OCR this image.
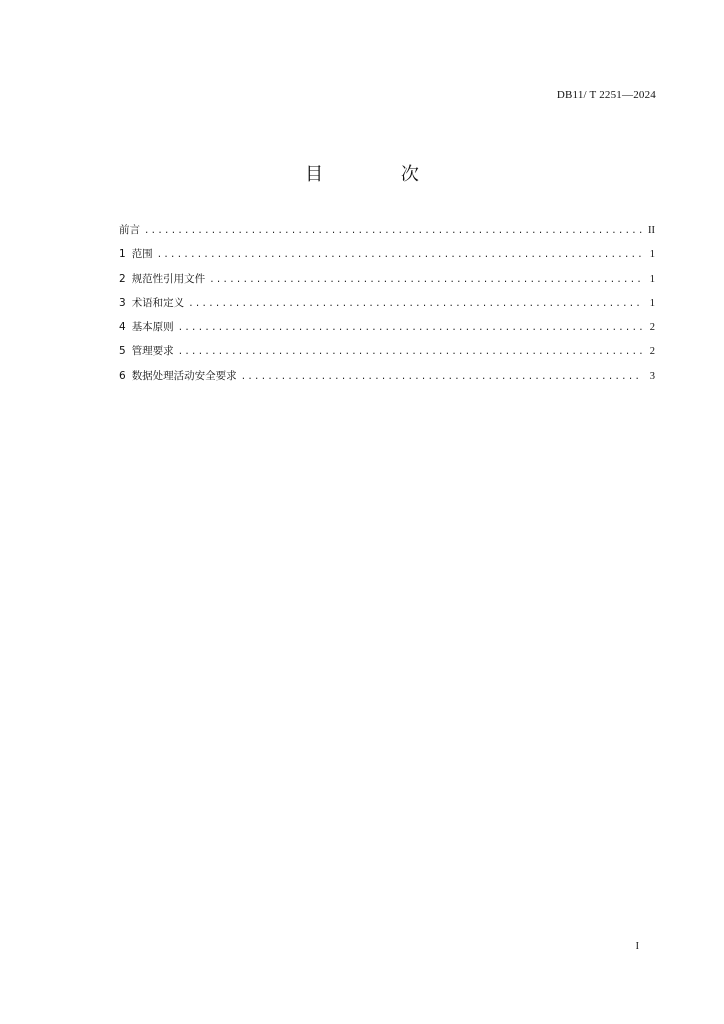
DB11/ T 2251—2024
目 次
前言 . . .	II
1 范围 . . .	1
2 规范性引用文件 . . .	1
3 术语和定义 . . .	1
4 基本原则 . . .	2
5 管理要求 . . .	2
6 数据处理活动安全要求 . . .	3
I
